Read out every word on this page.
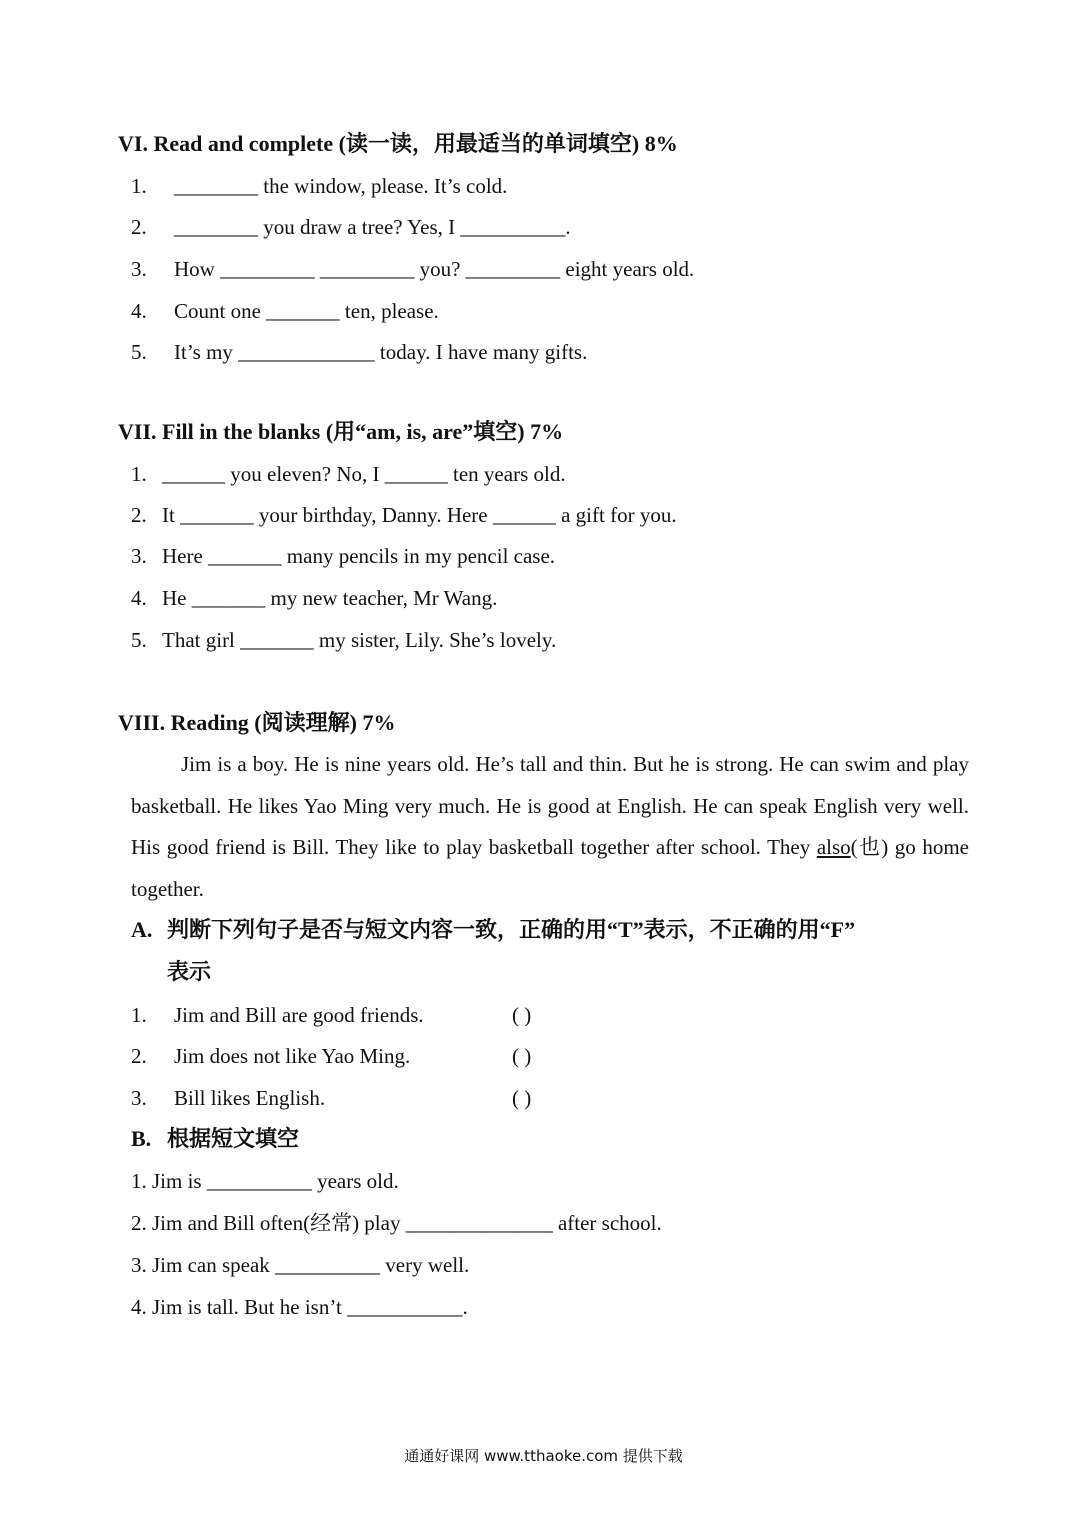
VI. Read and complete (读一读，用最适当的单词填空) 8%
1. ________ the window, please. It’s cold.
2. ________ you draw a tree? Yes, I __________.
3. How _________ _________ you? _________ eight years old.
4. Count one _______ ten, please.
5. It’s my _____________ today. I have many gifts.
VII. Fill in the blanks (用“am, is, are”填空) 7%
1. ______ you eleven? No, I ______ ten years old.
2. It _______ your birthday, Danny. Here ______ a gift for you.
3. Here _______ many pencils in my pencil case.
4. He _______ my new teacher, Mr Wang.
5. That girl _______ my sister, Lily. She’s lovely.
VIII. Reading (阅读理解) 7%

Jim is a boy. He is nine years old. He’s tall and thin. But he is strong. He can swim and play basketball. He likes Yao Ming very much. He is good at English. He can speak English very well. His good friend is Bill. They like to play basketball together after school. They also(也) go home together.

A. 判断下列句子是否与短文内容一致，正确的用“T”表示，不正确的用“F”
表示
1. Jim and Bill are good friends.	( )
2. Jim does not like Yao Ming.	( )
3. Bill likes English.	( )
B. 根据短文填空
1. Jim is __________ years old.
2. Jim and Bill often(经常) play ______________ after school.
3. Jim can speak __________ very well.
4. Jim is tall. But he isn’t ___________.
通通好课网 www.tthaoke.com 提供下载
